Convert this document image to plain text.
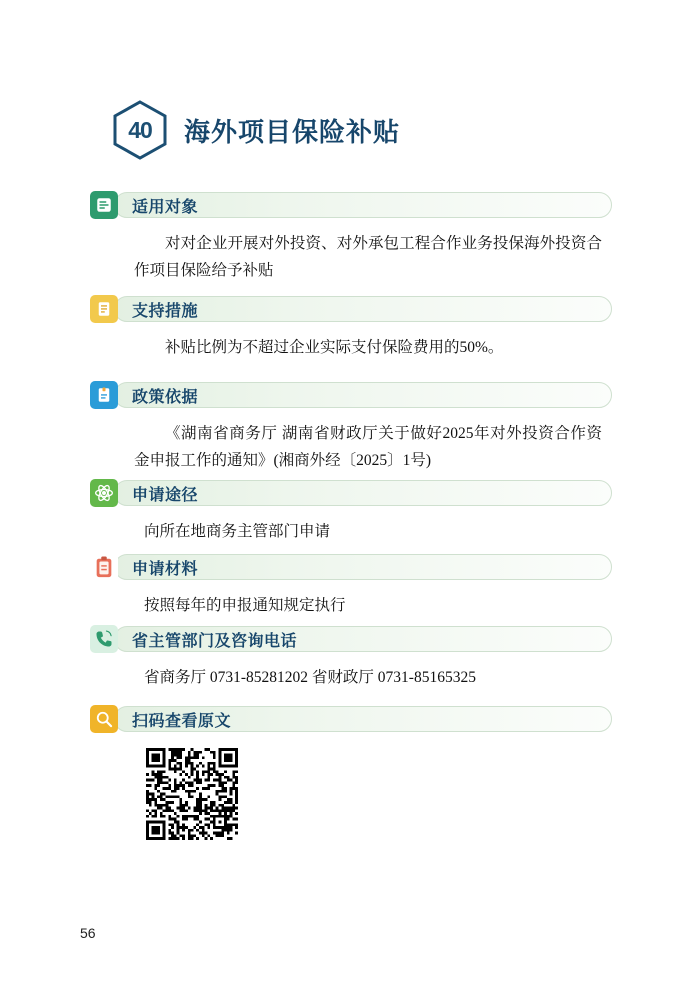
40	海外项目保险补贴
适用对象
对对企业开展对外投资、对外承包工程合作业务投保海外投资合作项目保险给予补贴
支持措施
补贴比例为不超过企业实际支付保险费用的50%。
政策依据
《湖南省商务厅 湖南省财政厅关于做好2025年对外投资合作资金申报工作的通知》(湘商外经〔2025〕1号)
申请途径
向所在地商务主管部门申请
申请材料
按照每年的申报通知规定执行
省主管部门及咨询电话
省商务厅 0731-85281202 省财政厅 0731-85165325
扫码查看原文
56
